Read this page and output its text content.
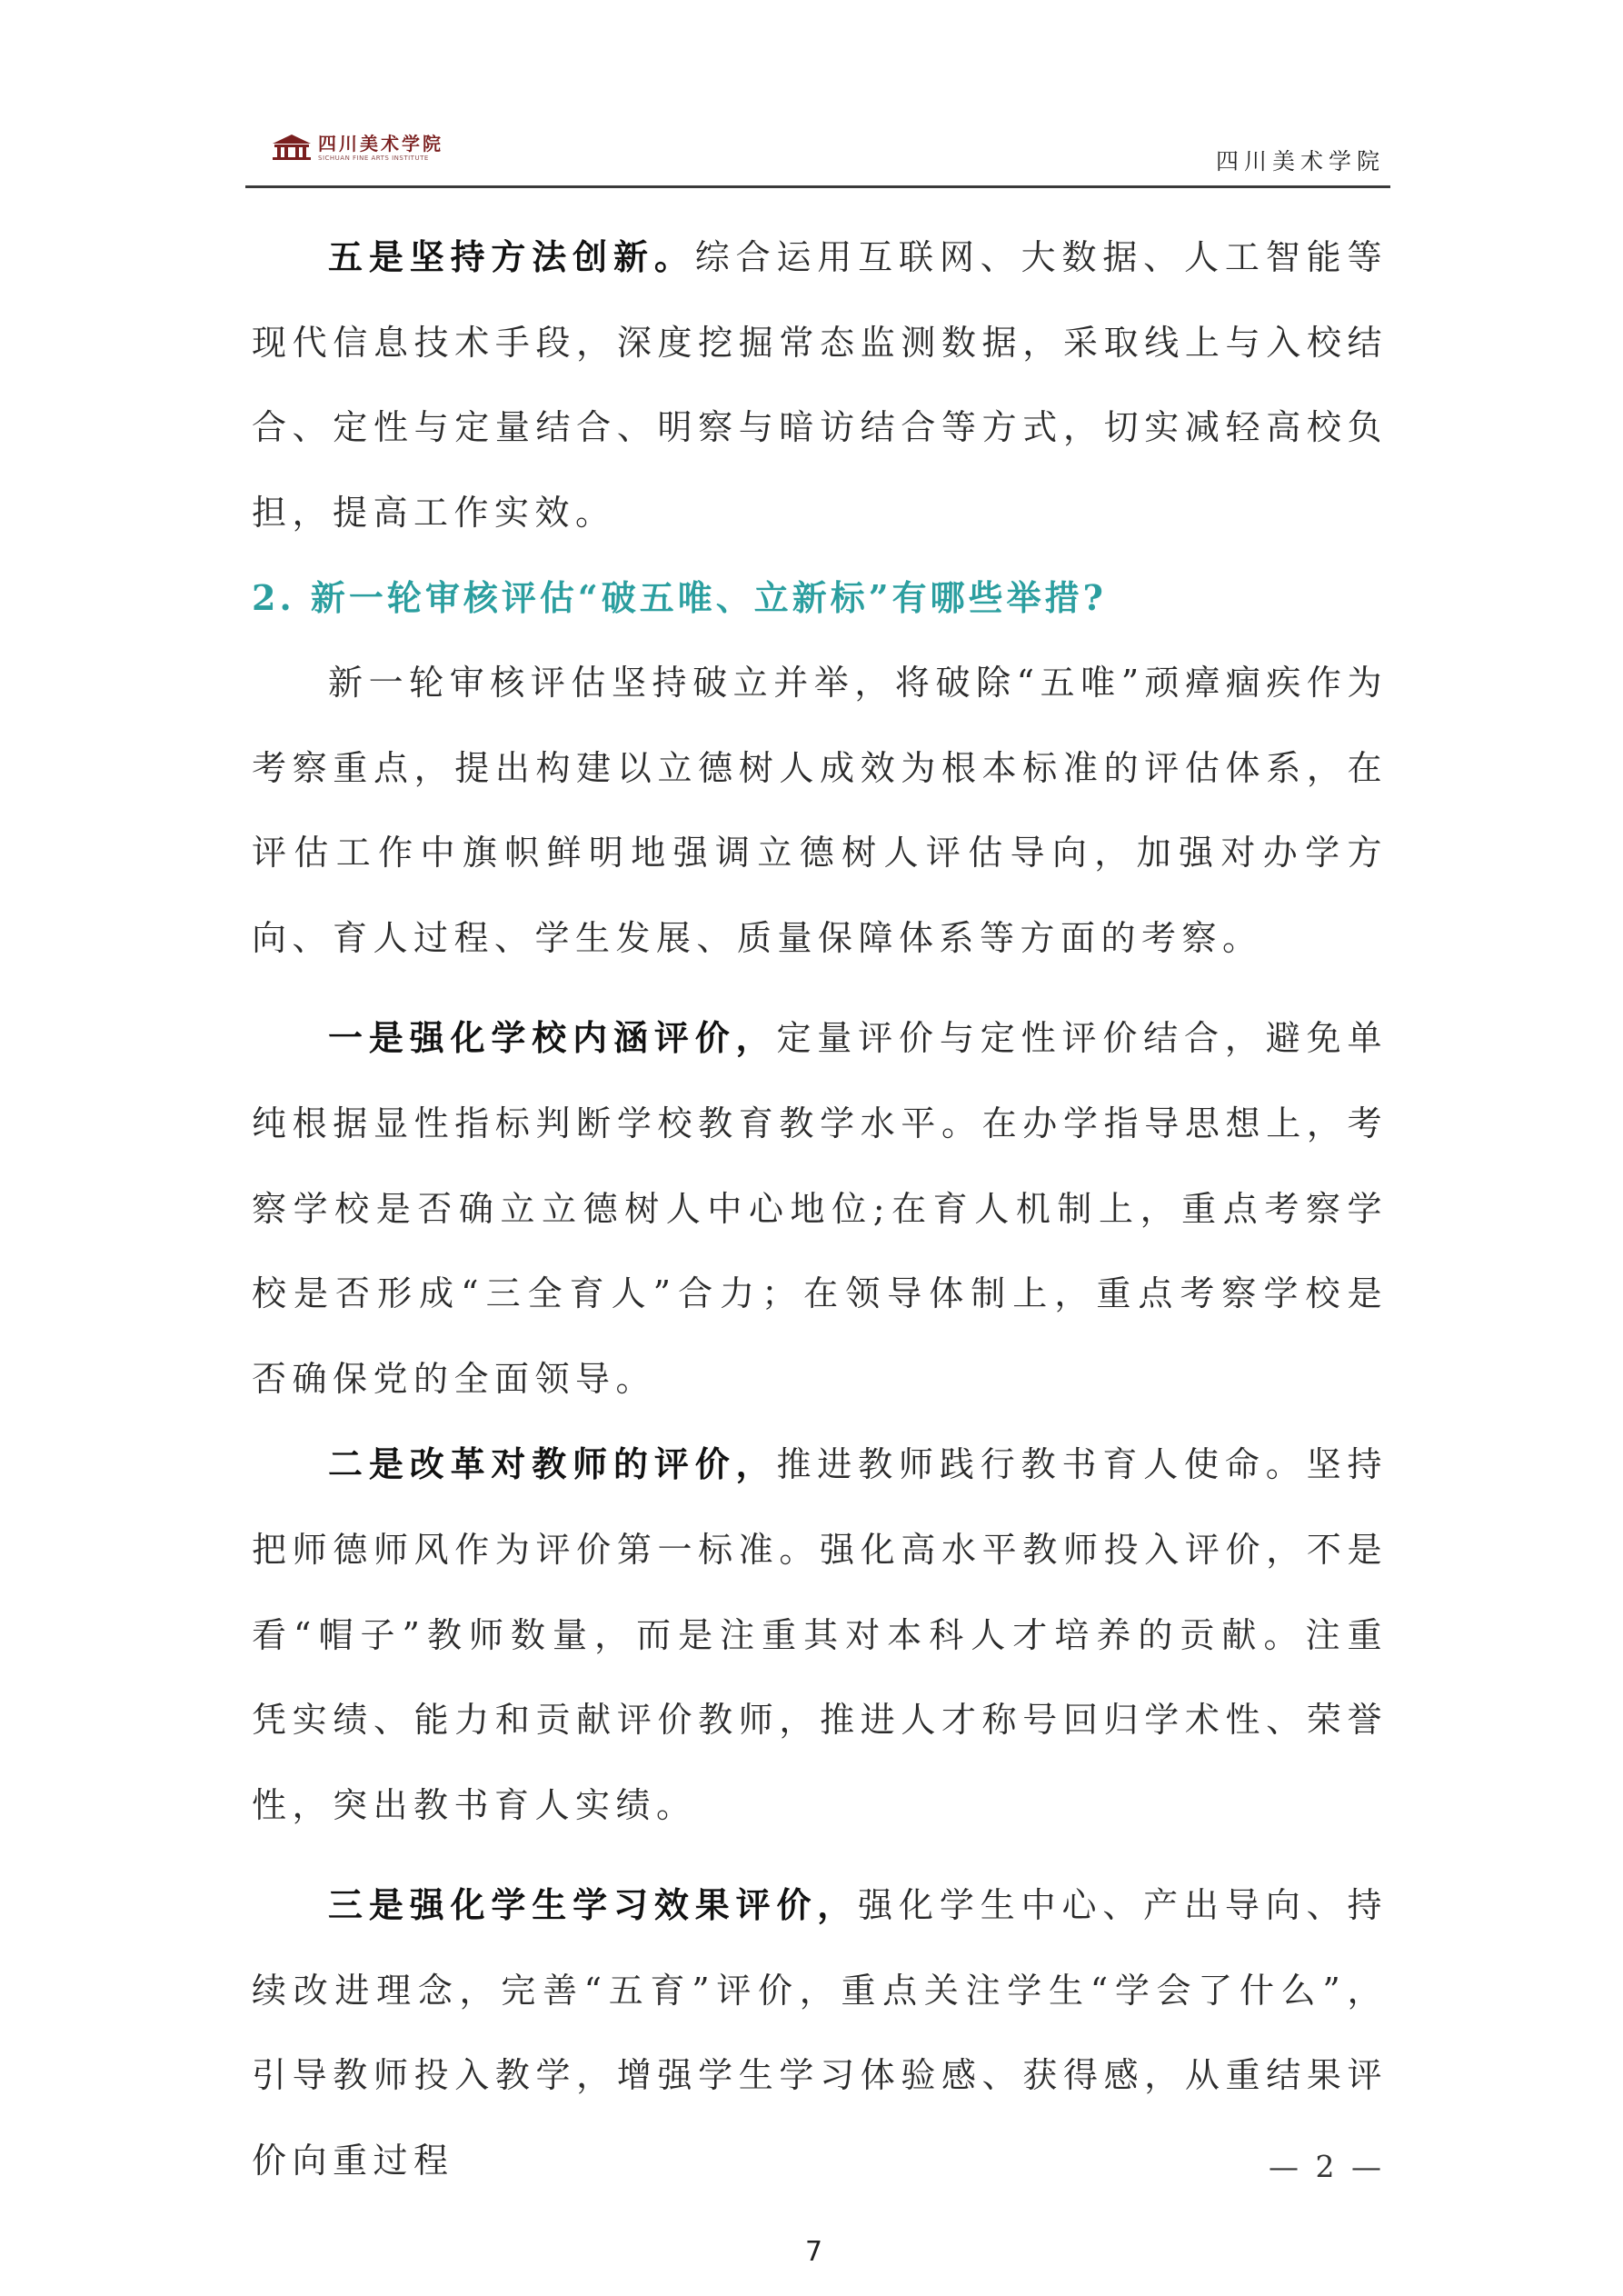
四川美术学院
SICHUAN FINE ARTS INSTITUTE	四川美术学院

五是坚持方法创新。综合运用互联网、大数据、人工智能等现代信息技术手段，深度挖掘常态监测数据，采取线上与入校结合、定性与定量结合、明察与暗访结合等方式，切实减轻高校负担，提高工作实效。

2. 新一轮审核评估“破五唯、立新标”有哪些举措?

新一轮审核评估坚持破立并举，将破除“五唯”顽瘴痼疾作为考察重点，提出构建以立德树人成效为根本标准的评估体系，在评估工作中旗帜鲜明地强调立德树人评估导向，加强对办学方向、育人过程、学生发展、质量保障体系等方面的考察。

一是强化学校内涵评价，定量评价与定性评价结合，避免单纯根据显性指标判断学校教育教学水平。在办学指导思想上，考察学校是否确立立德树人中心地位;在育人机制上，重点考察学校是否形成“三全育人”合力；在领导体制上，重点考察学校是否确保党的全面领导。

二是改革对教师的评价，推进教师践行教书育人使命。坚持把师德师风作为评价第一标准。强化高水平教师投入评价，不是看“帽子”教师数量，而是注重其对本科人才培养的贡献。注重凭实绩、能力和贡献评价教师，推进人才称号回归学术性、荣誉性，突出教书育人实绩。

三是强化学生学习效果评价，强化学生中心、产出导向、持续改进理念，完善“五育”评价，重点关注学生“学会了什么”，引导教师投入教学，增强学生学习体验感、获得感，从重结果评价向重过程	— 2 —
7
